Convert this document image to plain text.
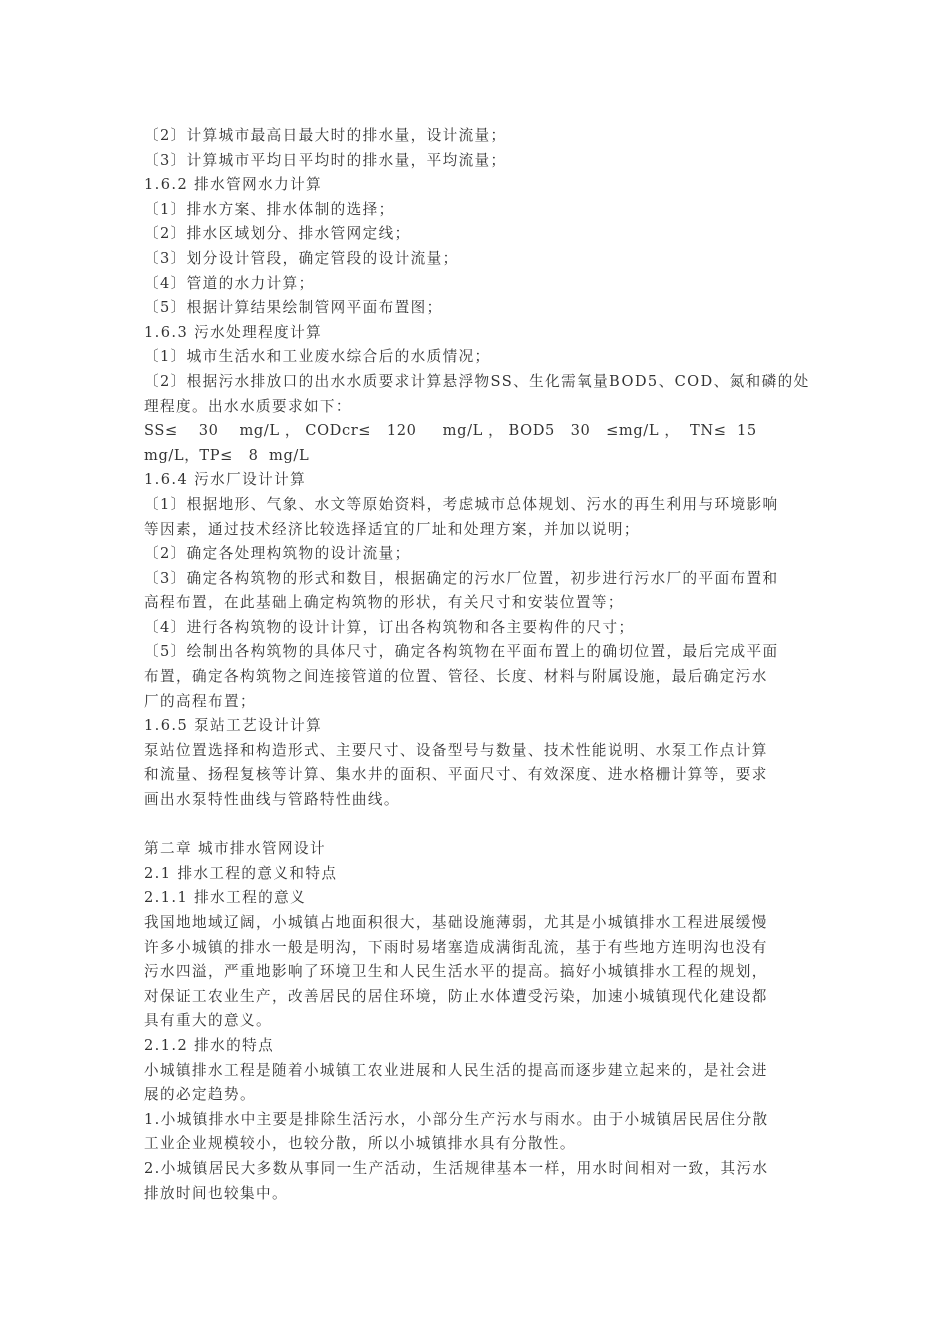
〔2〕计算城市最高日最大时的排水量，设计流量；

〔3〕计算城市平均日平均时的排水量，平均流量；

1.6.2 排水管网水力计算

〔1〕排水方案、排水体制的选择；

〔2〕排水区域划分、排水管网定线；

〔3〕划分设计管段，确定管段的设计流量；

〔4〕管道的水力计算；

〔5〕根据计算结果绘制管网平面布置图；

1.6.3 污水处理程度计算

〔1〕城市生活水和工业废水综合后的水质情况；

〔2〕根据污水排放口的出水水质要求计算悬浮物SS、生化需氧量BOD5、COD、氮和磷的处

理程度。出水水质要求如下：

SS≤    30    mg/L ， CODcr≤   120     mg/L ， BOD5   30   ≤mg/L ，  TN≤  15

mg/L，TP≤   8  mg/L

1.6.4 污水厂设计计算

〔1〕根据地形、气象、水文等原始资料，考虑城市总体规划、污水的再生利用与环境影响

等因素，通过技术经济比较选择适宜的厂址和处理方案，并加以说明；

〔2〕确定各处理构筑物的设计流量；

〔3〕确定各构筑物的形式和数目，根据确定的污水厂位置，初步进行污水厂的平面布置和

高程布置，在此基础上确定构筑物的形状，有关尺寸和安装位置等；

〔4〕进行各构筑物的设计计算，订出各构筑物和各主要构件的尺寸；

〔5〕绘制出各构筑物的具体尺寸，确定各构筑物在平面布置上的确切位置，最后完成平面

布置，确定各构筑物之间连接管道的位置、管径、长度、材料与附属设施，最后确定污水

厂的高程布置；

1.6.5 泵站工艺设计计算

泵站位置选择和构造形式、主要尺寸、设备型号与数量、技术性能说明、水泵工作点计算

和流量、扬程复核等计算、集水井的面积、平面尺寸、有效深度、进水格栅计算等，要求

画出水泵特性曲线与管路特性曲线。

第二章 城市排水管网设计

2.1 排水工程的意义和特点

2.1.1 排水工程的意义

我国地地域辽阔，小城镇占地面积很大，基础设施薄弱，尤其是小城镇排水工程进展缓慢

许多小城镇的排水一般是明沟，下雨时易堵塞造成满街乱流，基于有些地方连明沟也没有

污水四溢，严重地影响了环境卫生和人民生活水平的提高。搞好小城镇排水工程的规划，

对保证工农业生产，改善居民的居住环境，防止水体遭受污染，加速小城镇现代化建设都

具有重大的意义。

2.1.2 排水的特点

小城镇排水工程是随着小城镇工农业进展和人民生活的提高而逐步建立起来的，是社会进

展的必定趋势。

1.小城镇排水中主要是排除生活污水，小部分生产污水与雨水。由于小城镇居民居住分散

工业企业规模较小，也较分散，所以小城镇排水具有分散性。

2.小城镇居民大多数从事同一生产活动，生活规律基本一样，用水时间相对一致，其污水

排放时间也较集中。
